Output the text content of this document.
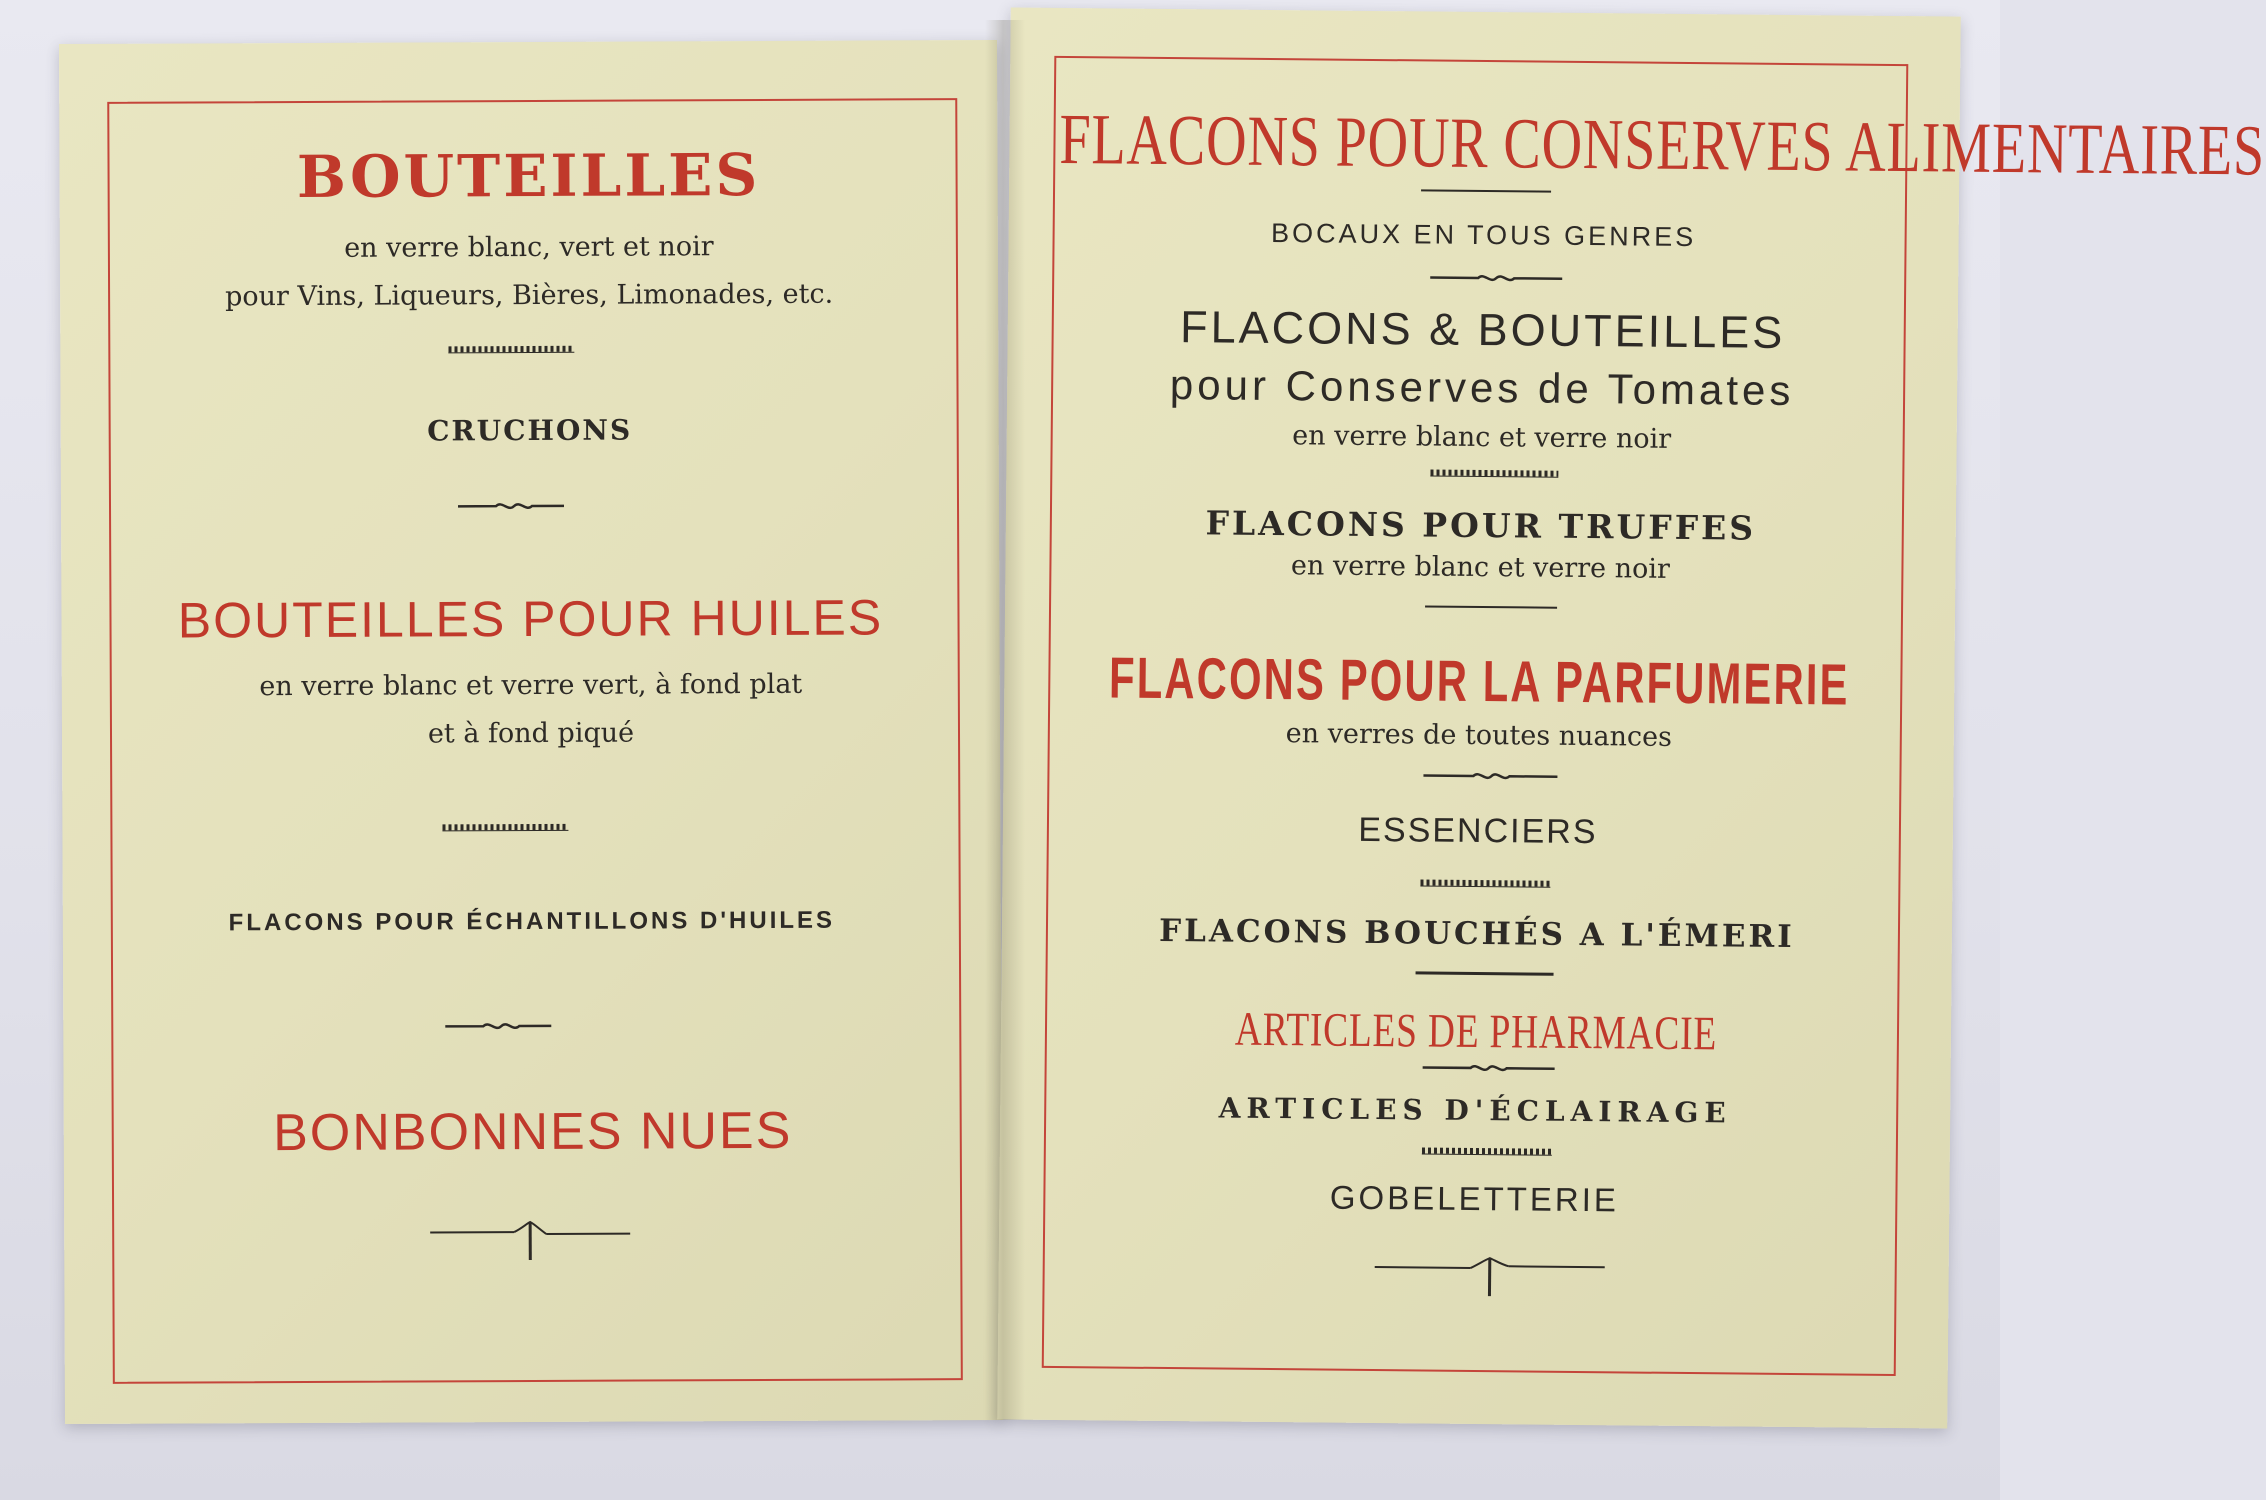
BOUTEILLES
en verre blanc, vert et noir
pour Vins, Liqueurs, Bières, Limonades, etc.
CRUCHONS
BOUTEILLES POUR HUILES
en verre blanc et verre vert, à fond plat
et à fond piqué
FLACONS POUR ÉCHANTILLONS D'HUILES
BONBONNES NUES
FLACONS POUR CONSERVES ALIMENTAIRES
BOCAUX EN TOUS GENRES
FLACONS & BOUTEILLES
pour Conserves de Tomates
en verre blanc et verre noir
FLACONS POUR TRUFFES
en verre blanc et verre noir
FLACONS POUR LA PARFUMERIE
en verres de toutes nuances
ESSENCIERS
FLACONS BOUCHÉS A L'ÉMERI
ARTICLES DE PHARMACIE
ARTICLES D'ÉCLAIRAGE
GOBELETTERIE
